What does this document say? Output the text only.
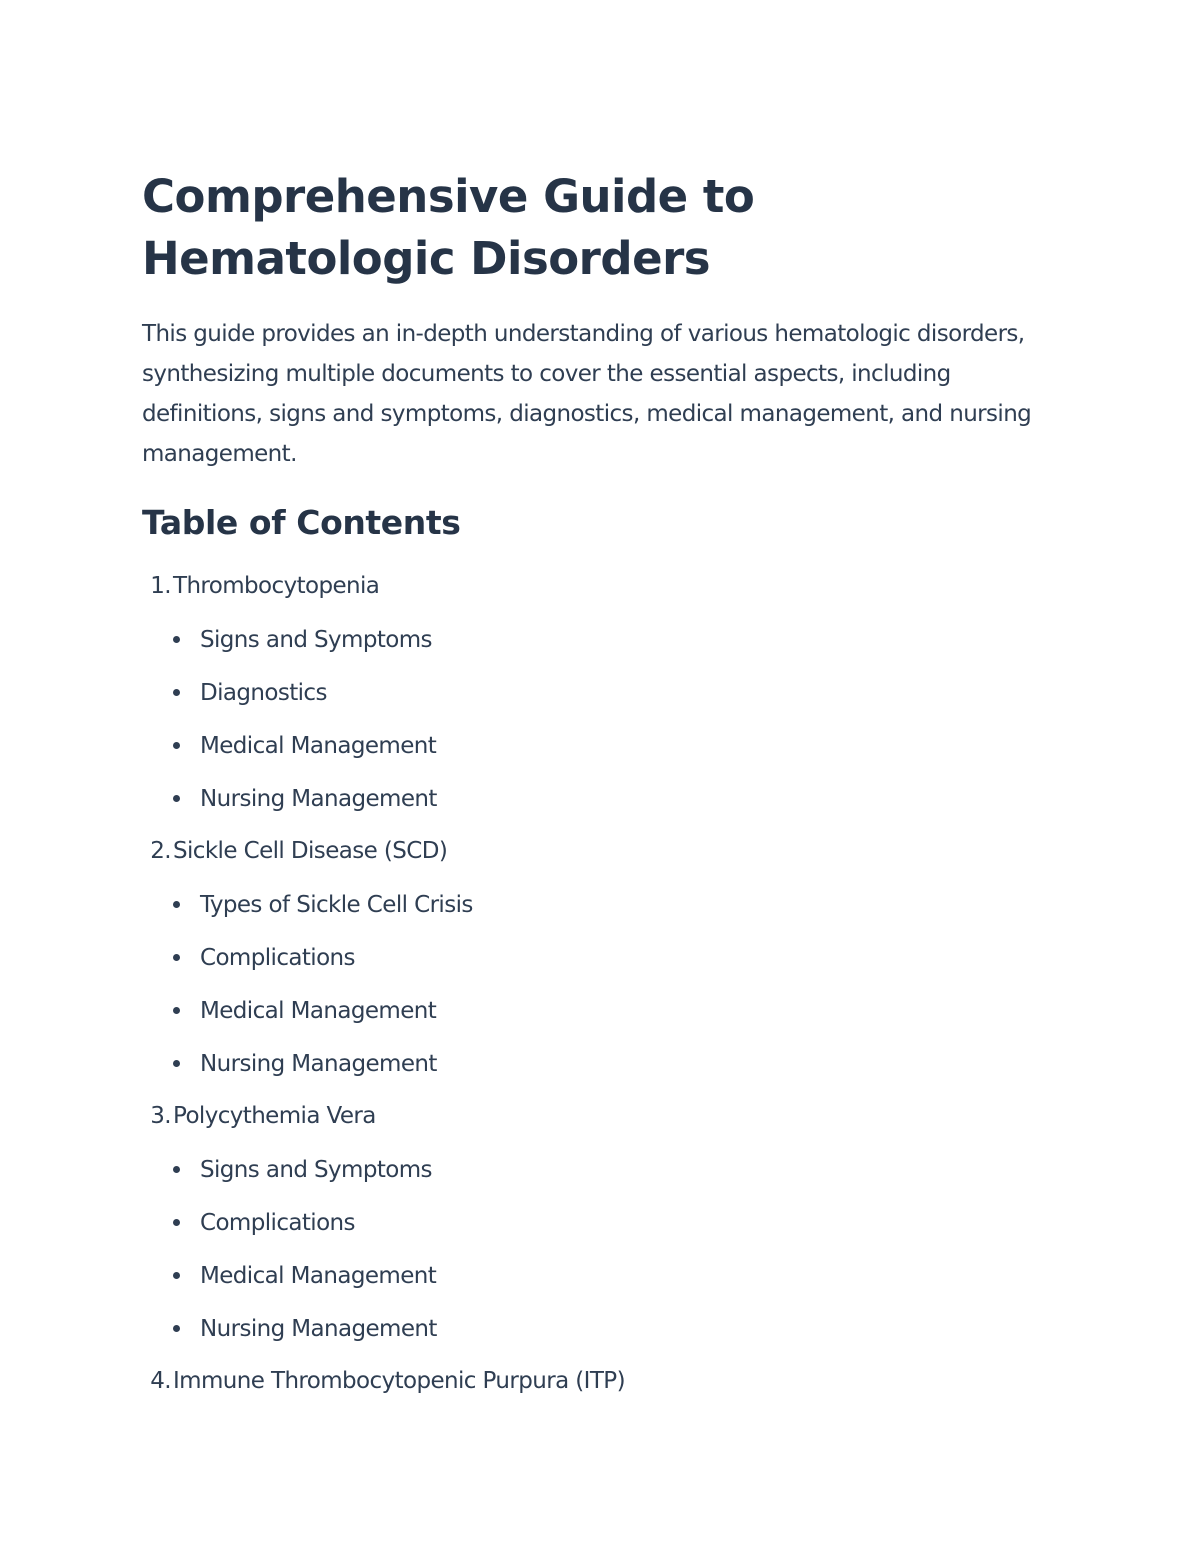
Comprehensive Guide to Hematologic Disorders

This guide provides an in-depth understanding of various hematologic disorders, synthesizing multiple documents to cover the essential aspects, including definitions, signs and symptoms, diagnostics, medical management, and nursing management.

Table of Contents
1. Thrombocytopenia
Signs and Symptoms
Diagnostics
Medical Management
Nursing Management
2. Sickle Cell Disease (SCD)
Types of Sickle Cell Crisis
Complications
Medical Management
Nursing Management
3. Polycythemia Vera
Signs and Symptoms
Complications
Medical Management
Nursing Management
4. Immune Thrombocytopenic Purpura (ITP)
